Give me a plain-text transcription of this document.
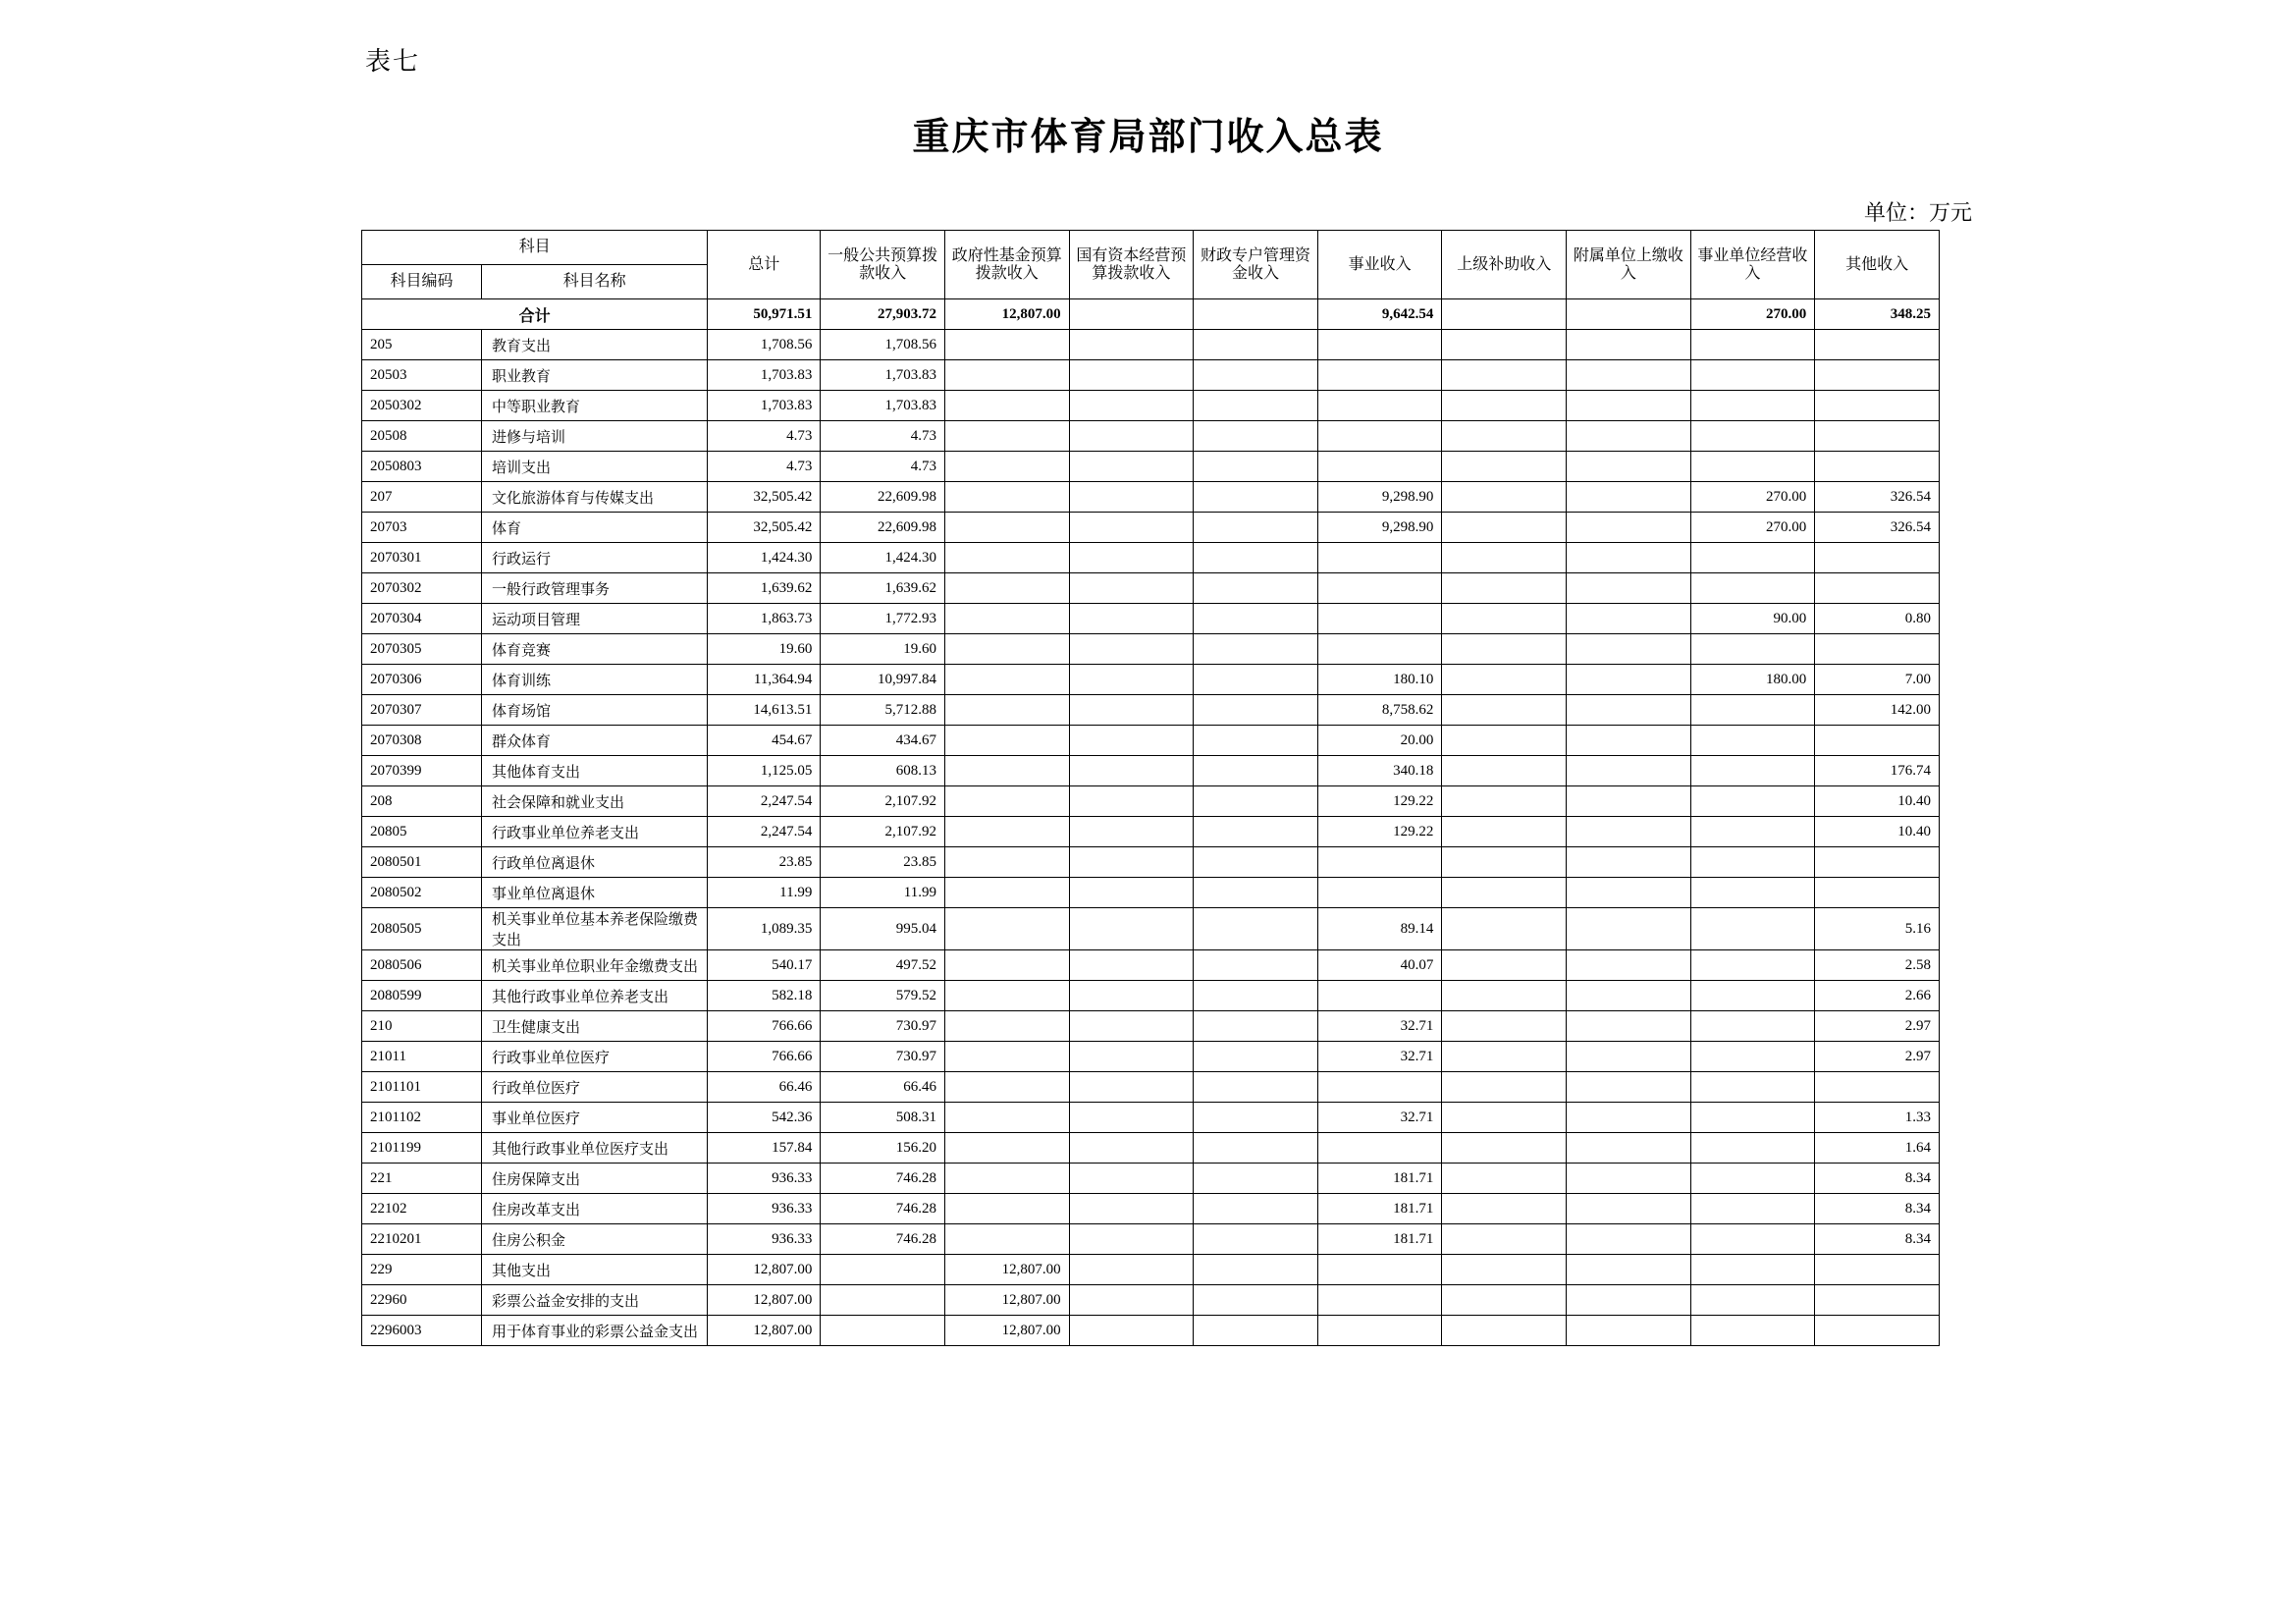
表七
重庆市体育局部门收入总表
单位：万元
科目		总计	一般公共预算拨款收入	政府性基金预算拨款收入	国有资本经营预算拨款收入	财政专户管理资金收入	事业收入	上级补助收入	附属单位上缴收入	事业单位经营收入	其他收入
科目编码	科目名称										
合计		50,971.51	27,903.72	12,807.00			9,642.54			270.00	348.25
205	教育支出	1,708.56	1,708.56								
20503	职业教育	1,703.83	1,703.83								
2050302	中等职业教育	1,703.83	1,703.83								
20508	进修与培训	4.73	4.73								
2050803	培训支出	4.73	4.73								
207	文化旅游体育与传媒支出	32,505.42	22,609.98				9,298.90			270.00	326.54
20703	体育	32,505.42	22,609.98				9,298.90			270.00	326.54
2070301	行政运行	1,424.30	1,424.30								
2070302	一般行政管理事务	1,639.62	1,639.62								
2070304	运动项目管理	1,863.73	1,772.93							90.00	0.80
2070305	体育竞赛	19.60	19.60								
2070306	体育训练	11,364.94	10,997.84				180.10			180.00	7.00
2070307	体育场馆	14,613.51	5,712.88				8,758.62				142.00
2070308	群众体育	454.67	434.67				20.00				
2070399	其他体育支出	1,125.05	608.13				340.18				176.74
208	社会保障和就业支出	2,247.54	2,107.92				129.22				10.40
20805	行政事业单位养老支出	2,247.54	2,107.92				129.22				10.40
2080501	行政单位离退休	23.85	23.85								
2080502	事业单位离退休	11.99	11.99								
2080505	机关事业单位基本养老保险缴费支出	1,089.35	995.04				89.14				5.16
2080506	机关事业单位职业年金缴费支出	540.17	497.52				40.07				2.58
2080599	其他行政事业单位养老支出	582.18	579.52								2.66
210	卫生健康支出	766.66	730.97				32.71				2.97
21011	行政事业单位医疗	766.66	730.97				32.71				2.97
2101101	行政单位医疗	66.46	66.46								
2101102	事业单位医疗	542.36	508.31				32.71				1.33
2101199	其他行政事业单位医疗支出	157.84	156.20								1.64
221	住房保障支出	936.33	746.28				181.71				8.34
22102	住房改革支出	936.33	746.28				181.71				8.34
2210201	住房公积金	936.33	746.28				181.71				8.34
229	其他支出	12,807.00		12,807.00							
22960	彩票公益金安排的支出	12,807.00		12,807.00							
2296003	用于体育事业的彩票公益金支出	12,807.00		12,807.00							
